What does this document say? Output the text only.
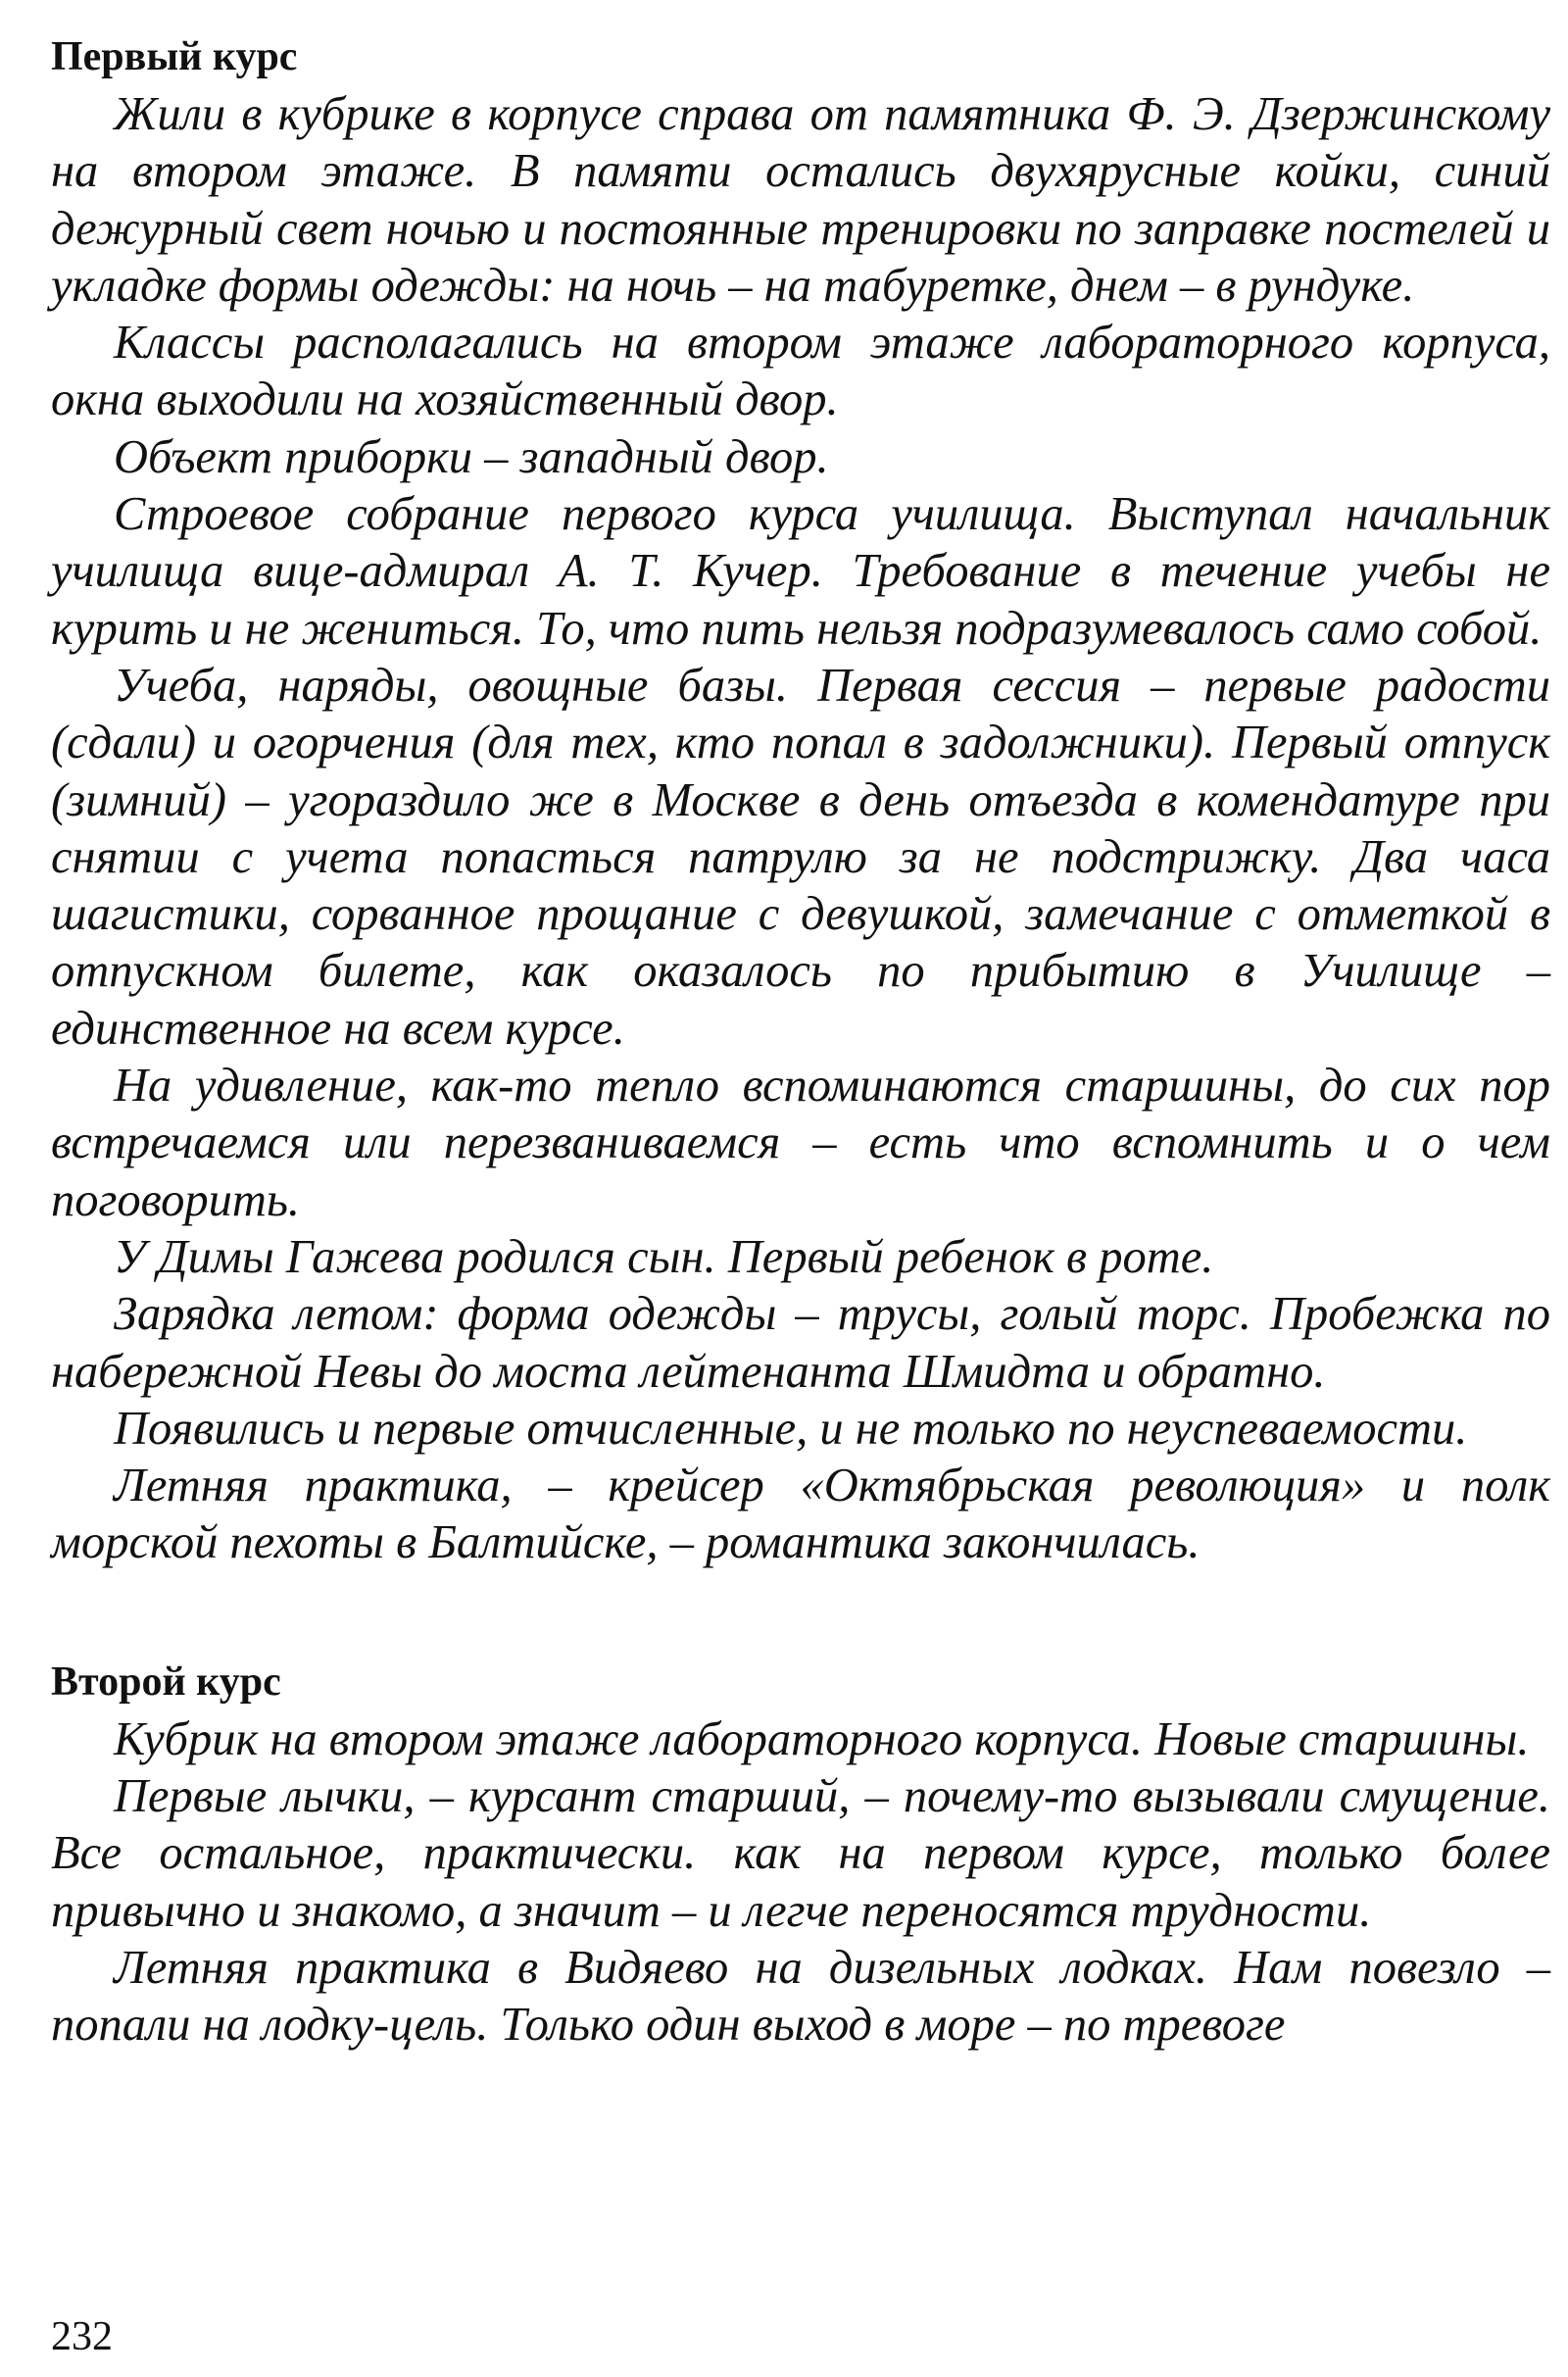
Первый курс

Жили в кубрике в корпусе справа от памятника Ф. Э. Дзержинскому на втором этаже. В памяти остались двухярусные койки, синий дежурный свет ночью и постоянные тренировки по заправке постелей и укладке формы одежды: на ночь – на табуретке, днем – в рундуке.

Классы располагались на втором этаже лабораторного корпуса, окна выходили на хозяйственный двор.

Объект приборки – западный двор.

Строевое собрание первого курса училища. Выступал начальник училища вице-адмирал А. Т. Кучер. Требование в течение учебы не курить и не жениться. То, что пить нельзя подразумевалось само собой.

Учеба, наряды, овощные базы. Первая сессия – первые радости (сдали) и огорчения (для тех, кто попал в задолжники). Первый отпуск (зимний) – угораздило же в Москве в день отъезда в комендатуре при снятии с учета попасться патрулю за не подстрижку. Два часа шагистики, сорванное прощание с девушкой, замечание с отметкой в отпускном билете, как оказалось по прибытию в Училище – единственное на всем курсе.

На удивление, как-то тепло вспоминаются старшины, до сих пор встречаемся или перезваниваемся – есть что вспомнить и о чем поговорить.

У Димы Гажева родился сын. Первый ребенок в роте.

Зарядка летом: форма одежды – трусы, голый торс. Пробежка по набережной Невы до моста лейтенанта Шмидта и обратно.

Появились и первые отчисленные, и не только по неуспеваемости.

Летняя практика, – крейсер «Октябрьская революция» и полк морской пехоты в Балтийске, – романтика закончилась.

Второй курс

Кубрик на втором этаже лабораторного корпуса. Новые старшины.

Первые лычки, – курсант старший, – почему-то вызывали смущение. Все остальное, практически. как на первом курсе, только более привычно и знакомо, а значит – и легче переносятся трудности.

Летняя практика в Видяево на дизельных лодках. Нам повезло – попали на лодку-цель. Только один выход в море – по тревоге

232
